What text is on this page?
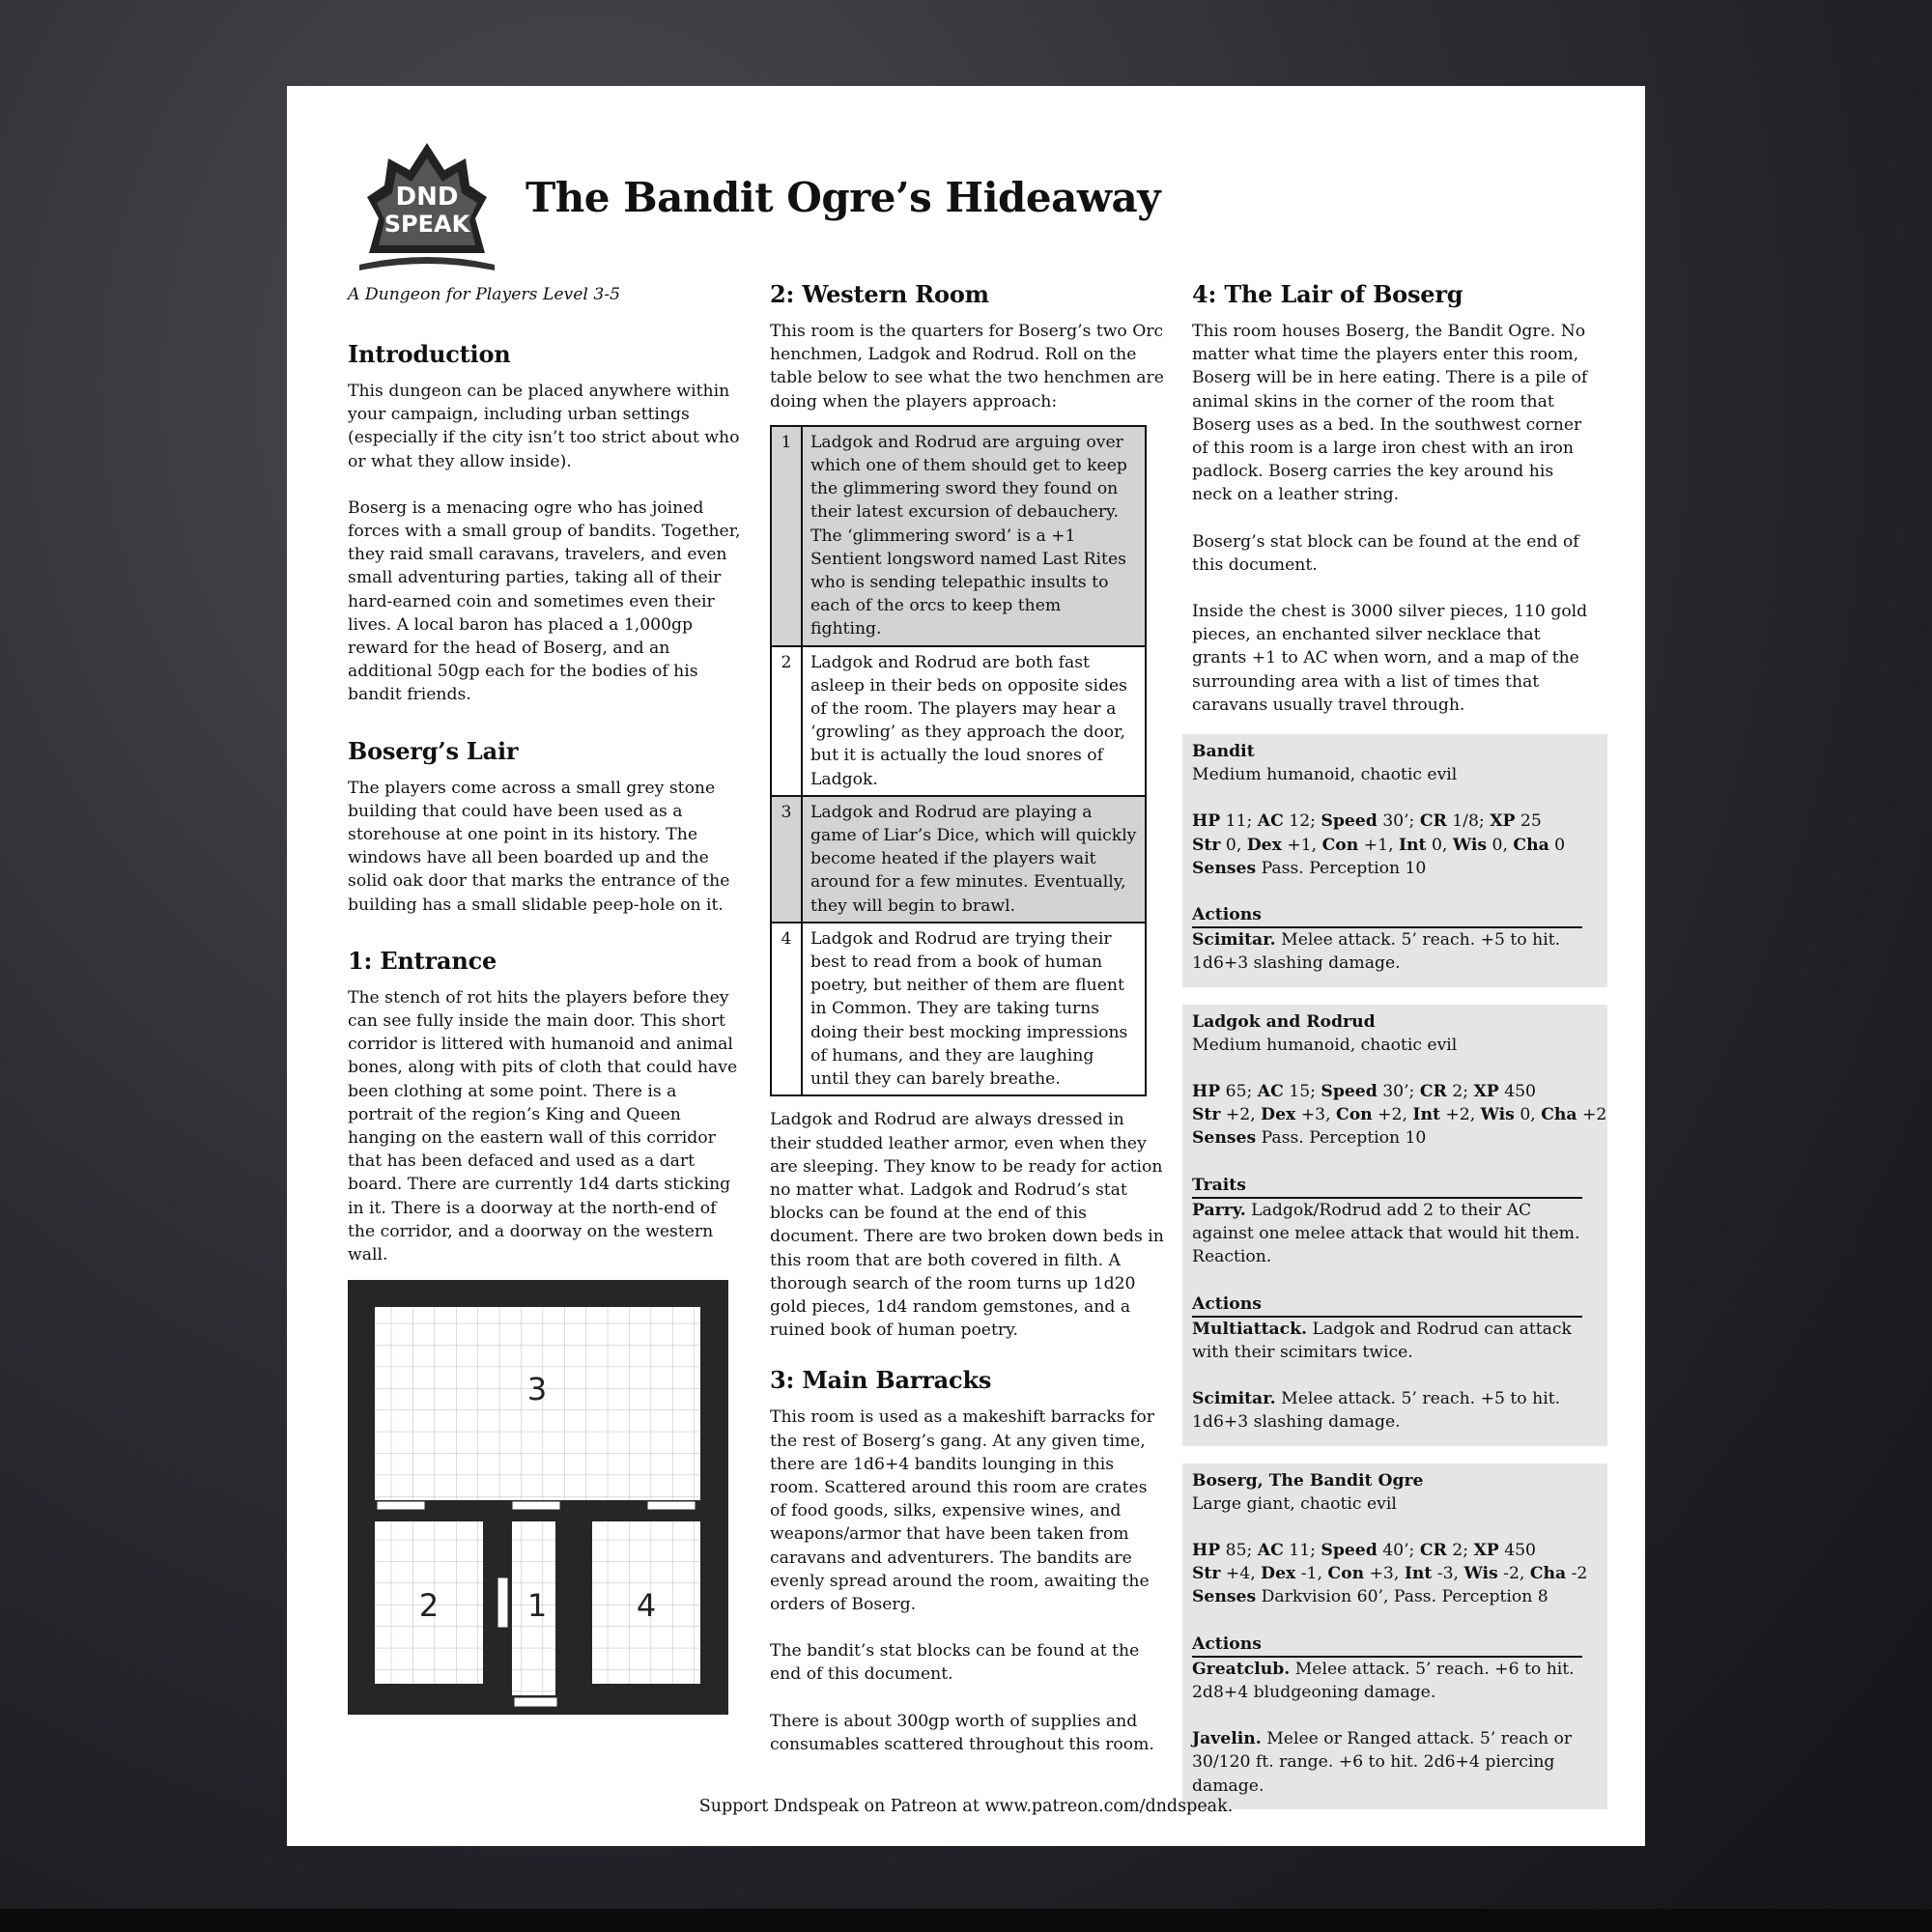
DND
SPEAK
The Bandit Ogre’s Hideaway
A Dungeon for Players Level 3-5
Introduction

This dungeon can be placed anywhere within your campaign, including urban settings (especially if the city isn’t too strict about who or what they allow inside).

Boserg is a menacing ogre who has joined forces with a small group of bandits. Together, they raid small caravans, travelers, and even small adventuring parties, taking all of their hard-earned coin and sometimes even their lives. A local baron has placed a 1,000gp reward for the head of Boserg, and an additional 50gp each for the bodies of his bandit friends.

Boserg’s Lair

The players come across a small grey stone building that could have been used as a storehouse at one point in its history. The windows have all been boarded up and the solid oak door that marks the entrance of the building has a small slidable peep-hole on it.

1: Entrance

The stench of rot hits the players before they can see fully inside the main door. This short corridor is littered with humanoid and animal bones, along with pits of cloth that could have been clothing at some point. There is a portrait of the region’s King and Queen hanging on the eastern wall of this corridor that has been defaced and used as a dart board. There are currently 1d4 darts sticking in it. There is a doorway at the north-end of the corridor, and a doorway on the western wall.

3
2	1	4
2: Western Room

This room is the quarters for Boserg’s two Orc henchmen, Ladgok and Rodrud. Roll on the table below to see what the two henchmen are doing when the players approach:

1	Ladgok and Rodrud are arguing over which one of them should get to keep the glimmering sword they found on their latest excursion of debauchery. The ‘glimmering sword’ is a +1 Sentient longsword named Last Rites who is sending telepathic insults to each of the orcs to keep them fighting.
2	Ladgok and Rodrud are both fast asleep in their beds on opposite sides of the room. The players may hear a ‘growling’ as they approach the door, but it is actually the loud snores of Ladgok.
3	Ladgok and Rodrud are playing a game of Liar’s Dice, which will quickly become heated if the players wait around for a few minutes. Eventually, they will begin to brawl.
4	Ladgok and Rodrud are trying their best to read from a book of human poetry, but neither of them are fluent in Common. They are taking turns doing their best mocking impressions of humans, and they are laughing until they can barely breathe.

Ladgok and Rodrud are always dressed in their studded leather armor, even when they are sleeping. They know to be ready for action no matter what. Ladgok and Rodrud’s stat blocks can be found at the end of this document. There are two broken down beds in this room that are both covered in filth. A thorough search of the room turns up 1d20 gold pieces, 1d4 random gemstones, and a ruined book of human poetry.

3: Main Barracks

This room is used as a makeshift barracks for the rest of Boserg’s gang. At any given time, there are 1d6+4 bandits lounging in this room. Scattered around this room are crates of food goods, silks, expensive wines, and weapons/armor that have been taken from caravans and adventurers. The bandits are evenly spread around the room, awaiting the orders of Boserg.

The bandit’s stat blocks can be found at the end of this document.

There is about 300gp worth of supplies and consumables scattered throughout this room.

4: The Lair of Boserg

This room houses Boserg, the Bandit Ogre. No matter what time the players enter this room, Boserg will be in here eating. There is a pile of animal skins in the corner of the room that Boserg uses as a bed. In the southwest corner of this room is a large iron chest with an iron padlock. Boserg carries the key around his neck on a leather string.

Boserg’s stat block can be found at the end of this document.

Inside the chest is 3000 silver pieces, 110 gold pieces, an enchanted silver necklace that grants +1 to AC when worn, and a map of the surrounding area with a list of times that caravans usually travel through.

Bandit
Medium humanoid, chaotic evil
HP 11; AC 12; Speed 30’; CR 1/8; XP 25
Str 0, Dex +1, Con +1, Int 0, Wis 0, Cha 0
Senses Pass. Perception 10
Actions
Scimitar. Melee attack. 5’ reach. +5 to hit. 1d6+3 slashing damage.
Ladgok and Rodrud
Medium humanoid, chaotic evil
HP 65; AC 15; Speed 30’; CR 2; XP 450
Str +2, Dex +3, Con +2, Int +2, Wis 0, Cha +2
Senses Pass. Perception 10
Traits
Parry. Ladgok/Rodrud add 2 to their AC against one melee attack that would hit them. Reaction.
Actions
Multiattack. Ladgok and Rodrud can attack with their scimitars twice.
Scimitar. Melee attack. 5’ reach. +5 to hit. 1d6+3 slashing damage.
Boserg, The Bandit Ogre
Large giant, chaotic evil
HP 85; AC 11; Speed 40’; CR 2; XP 450
Str +4, Dex -1, Con +3, Int -3, Wis -2, Cha -2
Senses Darkvision 60’, Pass. Perception 8
Actions
Greatclub. Melee attack. 5’ reach. +6 to hit. 2d8+4 bludgeoning damage.
Javelin. Melee or Ranged attack. 5’ reach or 30/120 ft. range. +6 to hit. 2d6+4 piercing damage.
Support Dndspeak on Patreon at www.patreon.com/dndspeak.
